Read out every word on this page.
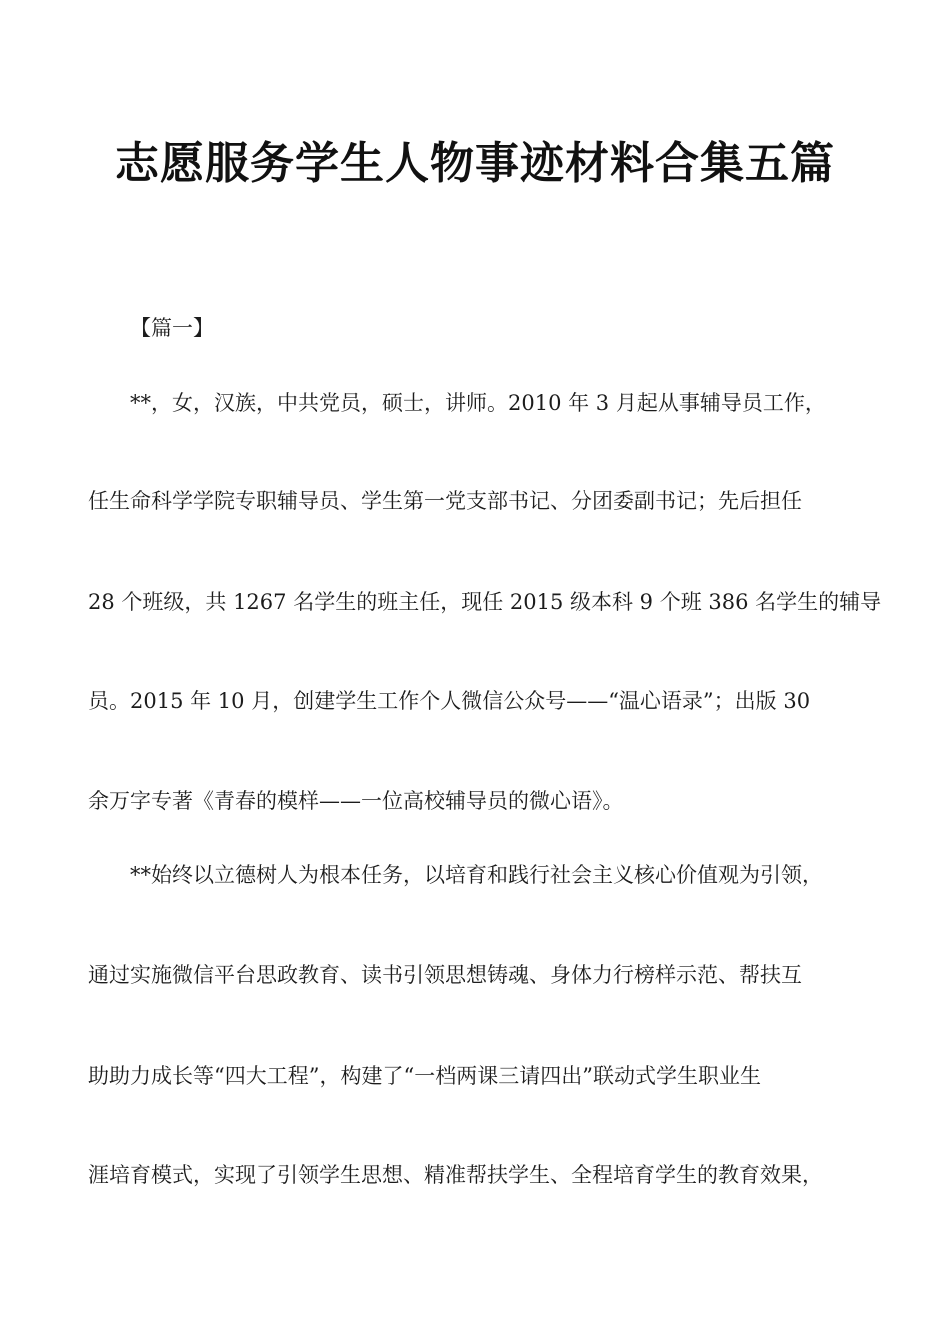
志愿服务学生人物事迹材料合集五篇
【篇一】
**，女，汉族，中共党员，硕士，讲师。2010 年 3 月起从事辅导员工作，
任生命科学学院专职辅导员、学生第一党支部书记、分团委副书记；先后担任
28 个班级，共 1267 名学生的班主任，现任 2015 级本科 9 个班 386 名学生的辅导
员。2015 年 10 月，创建学生工作个人微信公众号——“温心语录”；出版 30
余万字专著《青春的模样——一位高校辅导员的微心语》。
**始终以立德树人为根本任务，以培育和践行社会主义核心价值观为引领，
通过实施微信平台思政教育、读书引领思想铸魂、身体力行榜样示范、帮扶互
助助力成长等“四大工程”，构建了“一档两课三请四出”联动式学生职业生
涯培育模式，实现了引领学生思想、精准帮扶学生、全程培育学生的教育效果，
